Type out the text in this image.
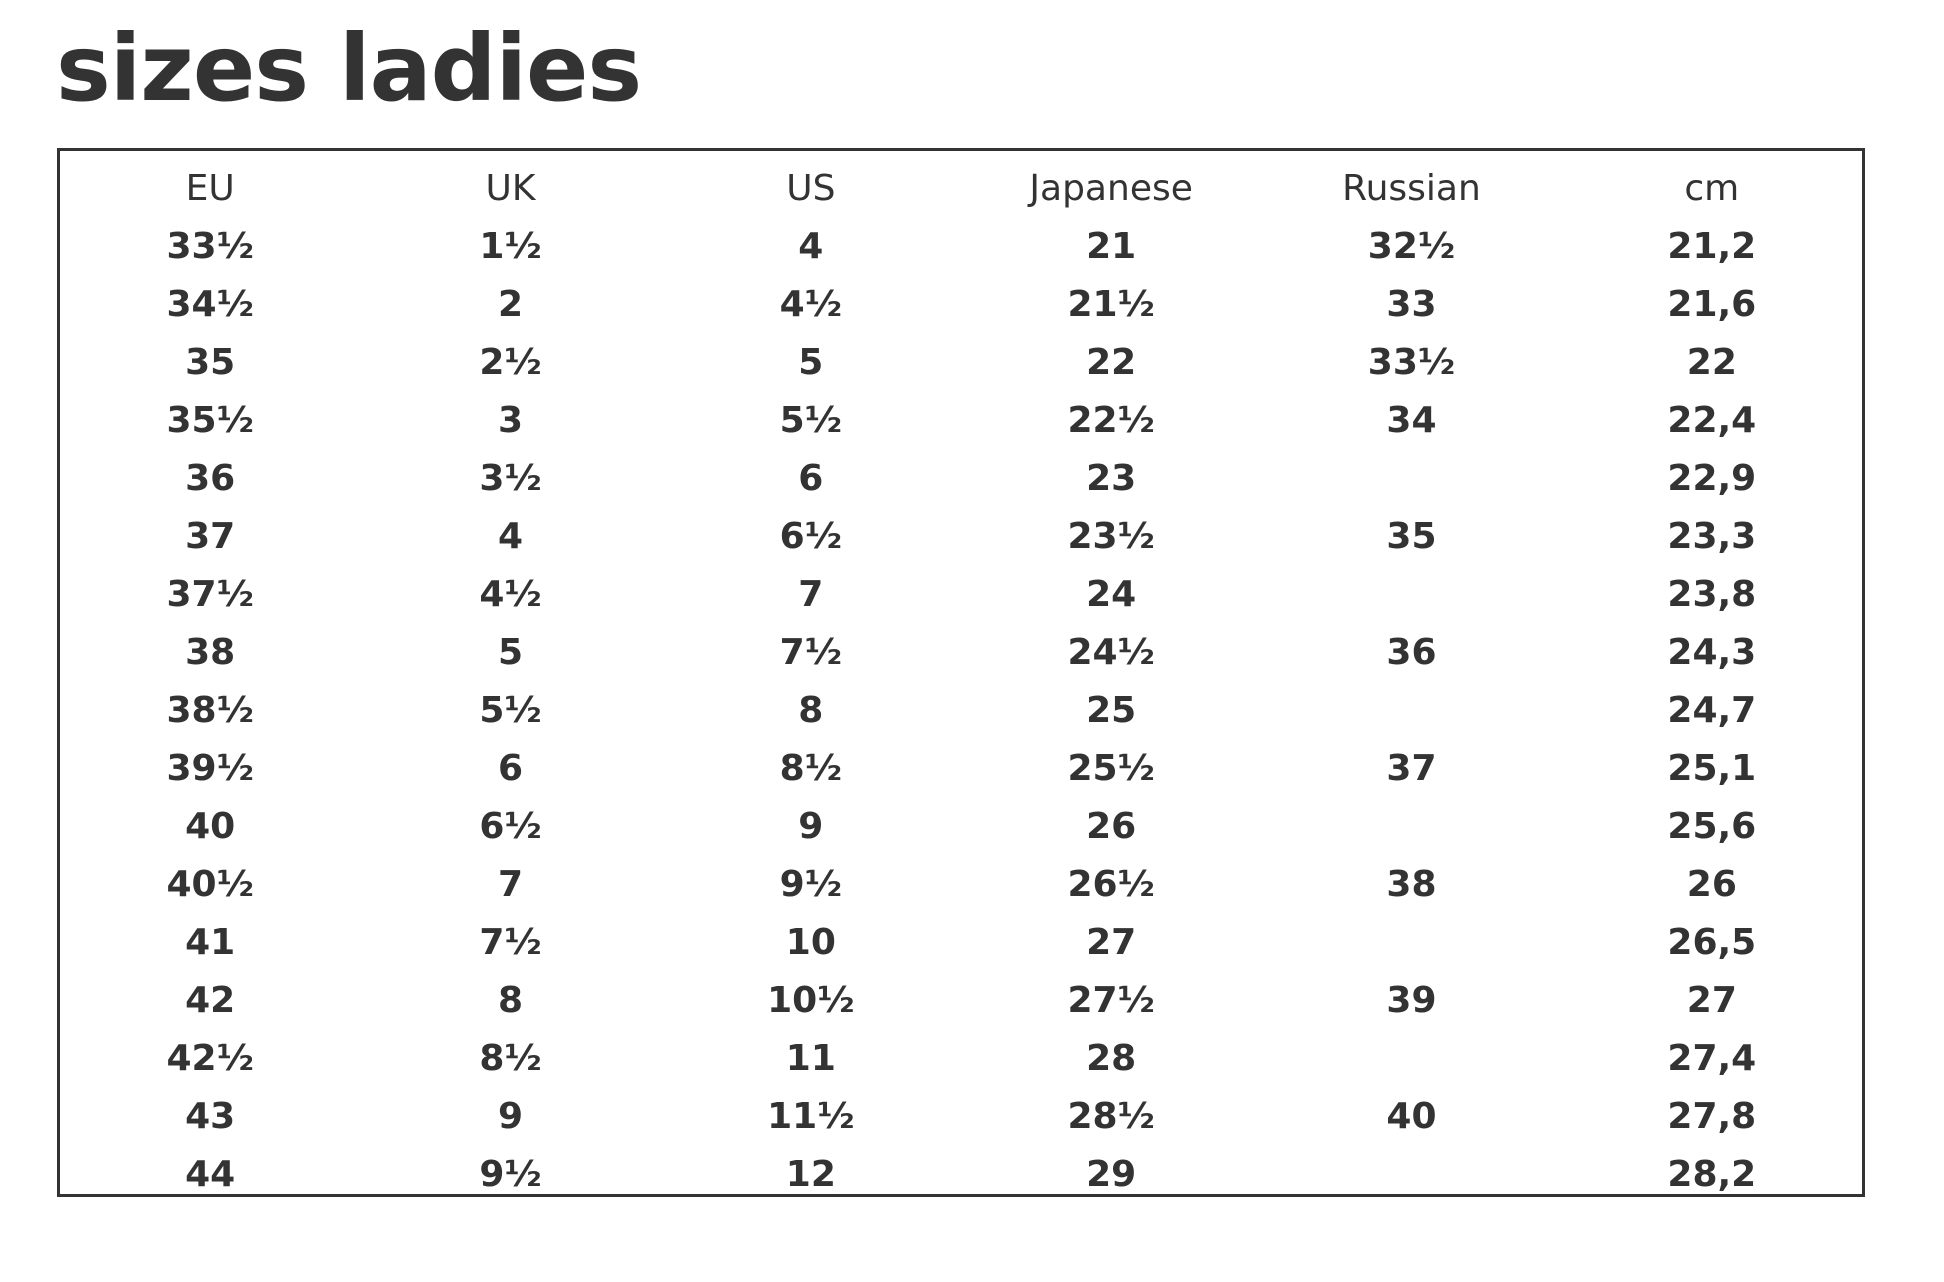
sizes ladies
EU	UK	US	Japanese	Russian	cm
33½	1½	4	21	32½	21,2
34½	2	4½	21½	33	21,6
35	2½	5	22	33½	22
35½	3	5½	22½	34	22,4
36	3½	6	23		22,9
37	4	6½	23½	35	23,3
37½	4½	7	24		23,8
38	5	7½	24½	36	24,3
38½	5½	8	25		24,7
39½	6	8½	25½	37	25,1
40	6½	9	26		25,6
40½	7	9½	26½	38	26
41	7½	10	27		26,5
42	8	10½	27½	39	27
42½	8½	11	28		27,4
43	9	11½	28½	40	27,8
44	9½	12	29		28,2
